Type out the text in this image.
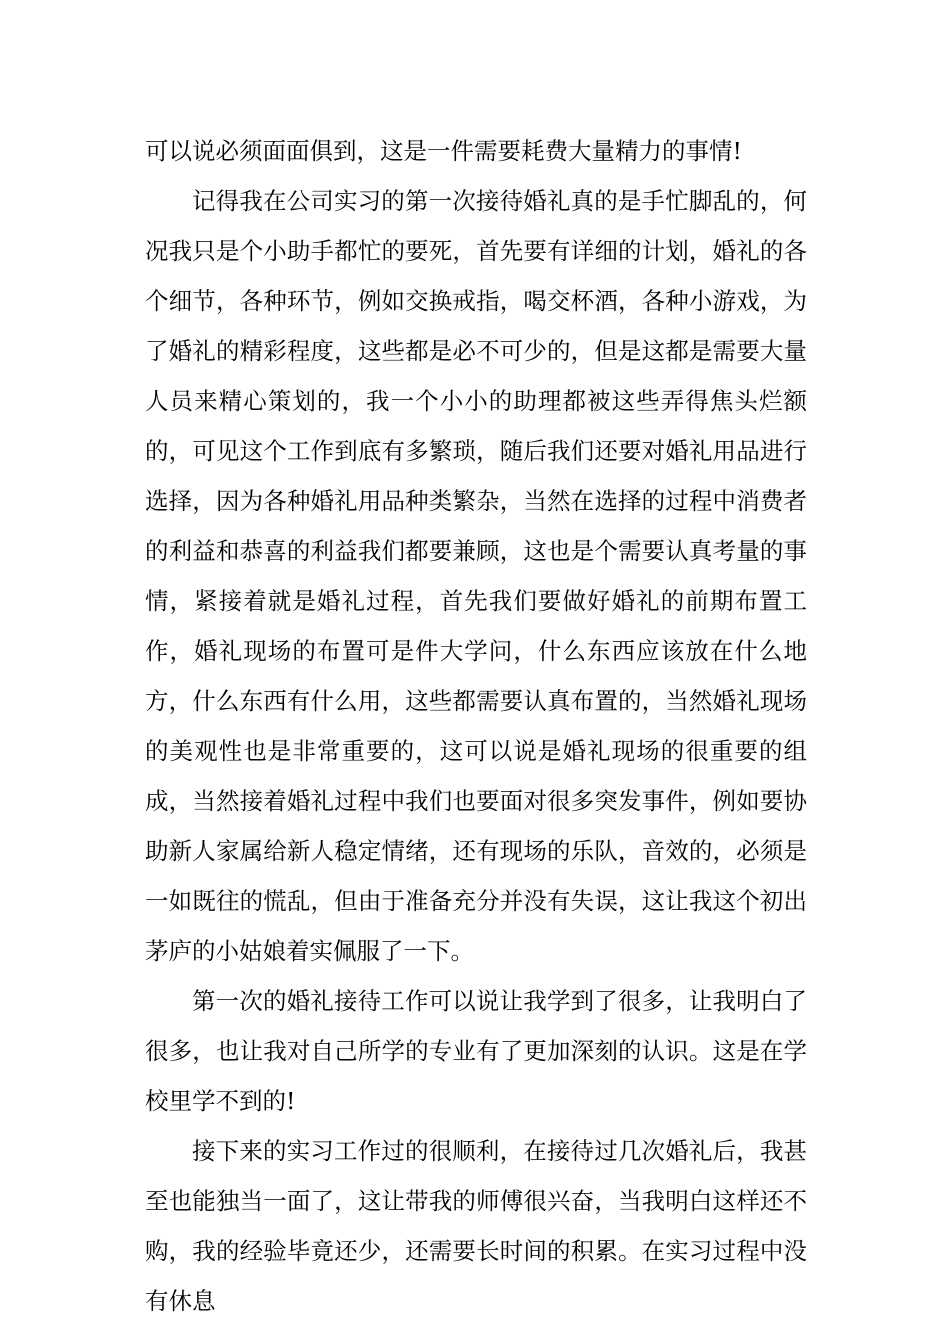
可以说必须面面俱到，这是一件需要耗费大量精力的事情!

记得我在公司实习的第一次接待婚礼真的是手忙脚乱的，何况我只是个小助手都忙的要死，首先要有详细的计划，婚礼的各个细节，各种环节，例如交换戒指，喝交杯酒，各种小游戏，为了婚礼的精彩程度，这些都是必不可少的，但是这都是需要大量人员来精心策划的，我一个小小的助理都被这些弄得焦头烂额的，可见这个工作到底有多繁琐，随后我们还要对婚礼用品进行选择，因为各种婚礼用品种类繁杂，当然在选择的过程中消费者的利益和恭喜的利益我们都要兼顾，这也是个需要认真考量的事情，紧接着就是婚礼过程，首先我们要做好婚礼的前期布置工作，婚礼现场的布置可是件大学问，什么东西应该放在什么地方，什么东西有什么用，这些都需要认真布置的，当然婚礼现场的美观性也是非常重要的，这可以说是婚礼现场的很重要的组成，当然接着婚礼过程中我们也要面对很多突发事件，例如要协助新人家属给新人稳定情绪，还有现场的乐队，音效的，必须是一如既往的慌乱，但由于准备充分并没有失误，这让我这个初出茅庐的小姑娘着实佩服了一下。

第一次的婚礼接待工作可以说让我学到了很多，让我明白了很多，也让我对自己所学的专业有了更加深刻的认识。这是在学校里学不到的!

接下来的实习工作过的很顺利，在接待过几次婚礼后，我甚至也能独当一面了，这让带我的师傅很兴奋，当我明白这样还不购，我的经验毕竟还少，还需要长时间的积累。在实习过程中没有休息
